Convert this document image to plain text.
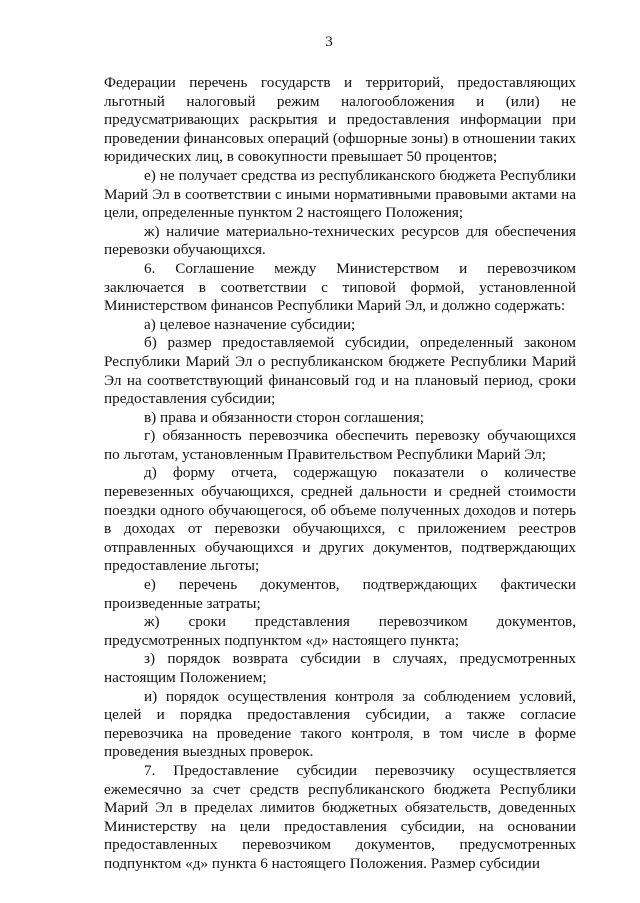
3

Федерации перечень государств и территорий, предоставляющих льготный налоговый режим налогообложения и (или) не предусматривающих раскрытия и предоставления информации при проведении финансовых операций (офшорные зоны) в отношении таких юридических лиц, в совокупности превышает 50 процентов;

е) не получает средства из республиканского бюджета Республики Марий Эл в соответствии с иными нормативными правовыми актами на цели, определенные пунктом 2 настоящего Положения;

ж) наличие материально-технических ресурсов для обеспечения перевозки обучающихся.

6. Соглашение между Министерством и перевозчиком заключается в соответствии с типовой формой, установленной Министерством финансов Республики Марий Эл, и должно содержать:

а) целевое назначение субсидии;

б) размер предоставляемой субсидии, определенный законом Республики Марий Эл о республиканском бюджете Республики Марий Эл на соответствующий финансовый год и на плановый период, сроки предоставления субсидии;

в) права и обязанности сторон соглашения;

г) обязанность перевозчика обеспечить перевозку обучающихся по льготам, установленным Правительством Республики Марий Эл;

д) форму отчета, содержащую показатели о количестве перевезенных обучающихся, средней дальности и средней стоимости поездки одного обучающегося, об объеме полученных доходов и потерь в доходах от перевозки обучающихся, с приложением реестров отправленных обучающихся и других документов, подтверждающих предоставление льготы;

е) перечень документов, подтверждающих фактически произведенные затраты;

ж) сроки представления перевозчиком документов, предусмотренных подпунктом «д» настоящего пункта;

з) порядок возврата субсидии в случаях, предусмотренных настоящим Положением;

и) порядок осуществления контроля за соблюдением условий, целей и порядка предоставления субсидии, а также согласие перевозчика на проведение такого контроля, в том числе в форме проведения выездных проверок.

7. Предоставление субсидии перевозчику осуществляется ежемесячно за счет средств республиканского бюджета Республики Марий Эл в пределах лимитов бюджетных обязательств, доведенных Министерству на цели предоставления субсидии, на основании предоставленных перевозчиком документов, предусмотренных подпунктом «д» пункта 6 настоящего Положения. Размер субсидии
